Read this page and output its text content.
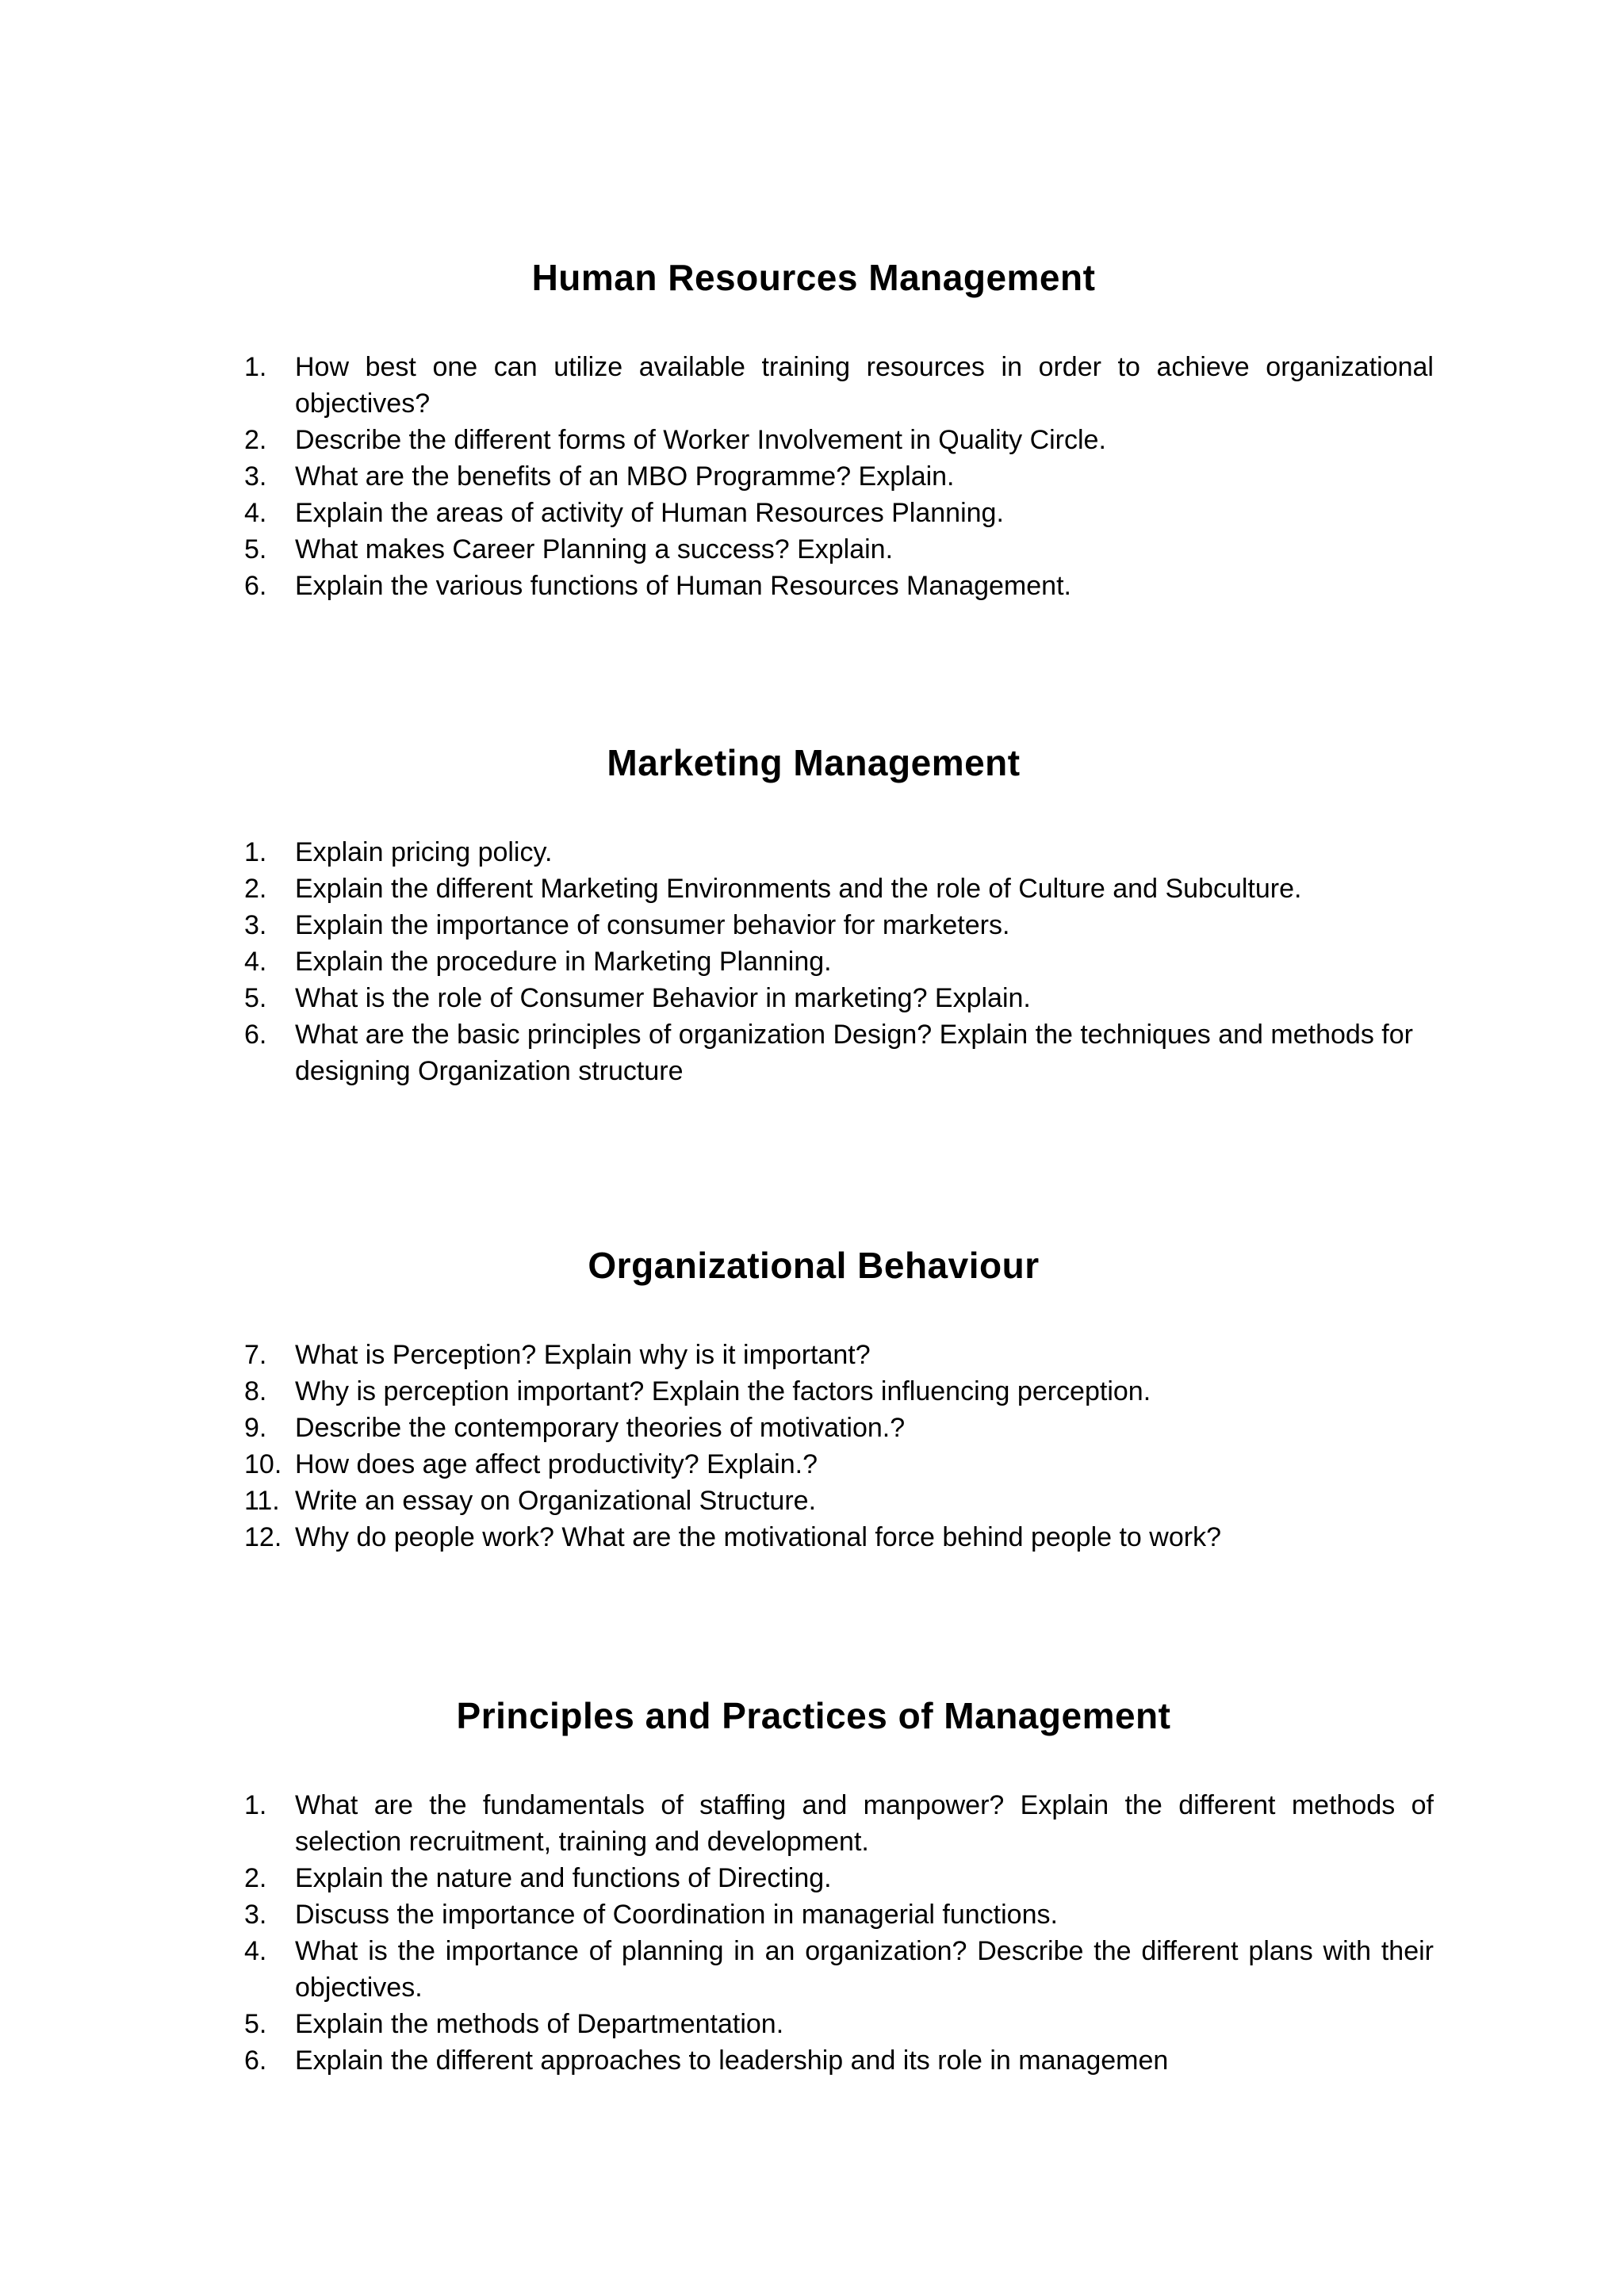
Human Resources Management
1.	How best one can utilize available training resources in order to achieve organizational objectives?
2.	Describe the different forms of Worker Involvement in Quality Circle.
3.	What are the benefits of an MBO Programme? Explain.
4.	Explain the areas of activity of Human Resources Planning.
5.	What makes Career Planning a success? Explain.
6.	Explain the various functions of Human Resources Management.
Marketing Management
1.	Explain pricing policy.
2.	Explain the different Marketing Environments and the role of Culture and Subculture.
3.	Explain the importance of consumer behavior for marketers.
4.	Explain the procedure in Marketing Planning.
5.	What is the role of Consumer Behavior in marketing? Explain.
6.	What are the basic principles of organization Design? Explain the techniques and methods for designing Organization structure
Organizational Behaviour
7.	What is Perception? Explain why is it important?
8.	Why is perception important? Explain the factors influencing perception.
9.	Describe the contemporary theories of motivation.?
10. How does age affect productivity? Explain.?
11. Write an essay on Organizational Structure.
12. Why do people work? What are the motivational force behind people to work?
Principles and Practices of Management
1.	What are the fundamentals of staffing and manpower? Explain the different methods of selection recruitment, training and development.
2.	Explain the nature and functions of Directing.
3.	Discuss the importance of Coordination in managerial functions.
4.	What is the importance of planning in an organization? Describe the different plans with their objectives.
5.	Explain the methods of Departmentation.
6.	Explain the different approaches to leadership and its role in managemen
